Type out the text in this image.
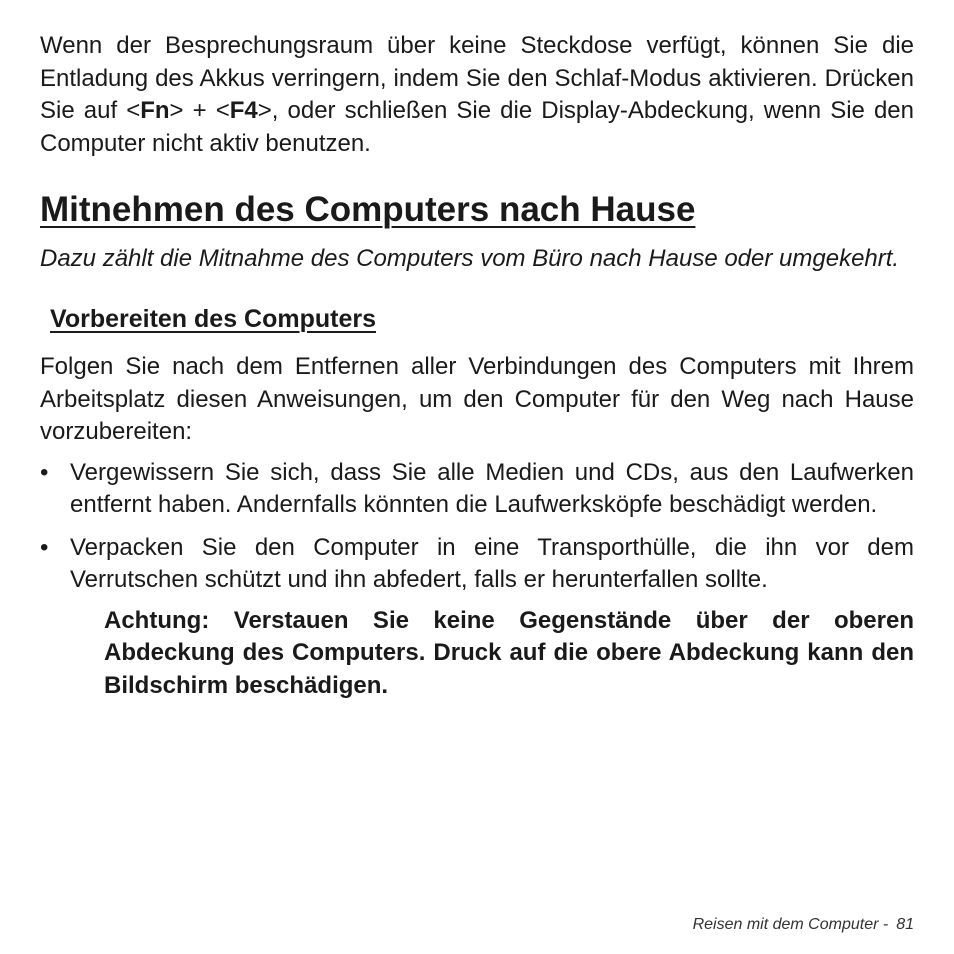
Wenn der Besprechungsraum über keine Steckdose verfügt, können Sie die Entladung des Akkus verringern, indem Sie den Schlaf-Modus aktivieren. Drücken Sie auf <Fn> + <F4>, oder schließen Sie die Display-Abdeckung, wenn Sie den Computer nicht aktiv benutzen.

Mitnehmen des Computers nach Hause

Dazu zählt die Mitnahme des Computers vom Büro nach Hause oder umgekehrt.

Vorbereiten des Computers

Folgen Sie nach dem Entfernen aller Verbindungen des Computers mit Ihrem Arbeitsplatz diesen Anweisungen, um den Computer für den Weg nach Hause vorzubereiten:

• Vergewissern Sie sich, dass Sie alle Medien und CDs, aus den Laufwerken entfernt haben. Andernfalls könnten die Laufwerksköpfe beschädigt werden.
• Verpacken Sie den Computer in eine Transporthülle, die ihn vor dem Verrutschen schützt und ihn abfedert, falls er herunterfallen sollte.

Achtung: Verstauen Sie keine Gegenstände über der oberen Abdeckung des Computers. Druck auf die obere Abdeckung kann den Bildschirm beschädigen.

Reisen mit dem Computer - 81
